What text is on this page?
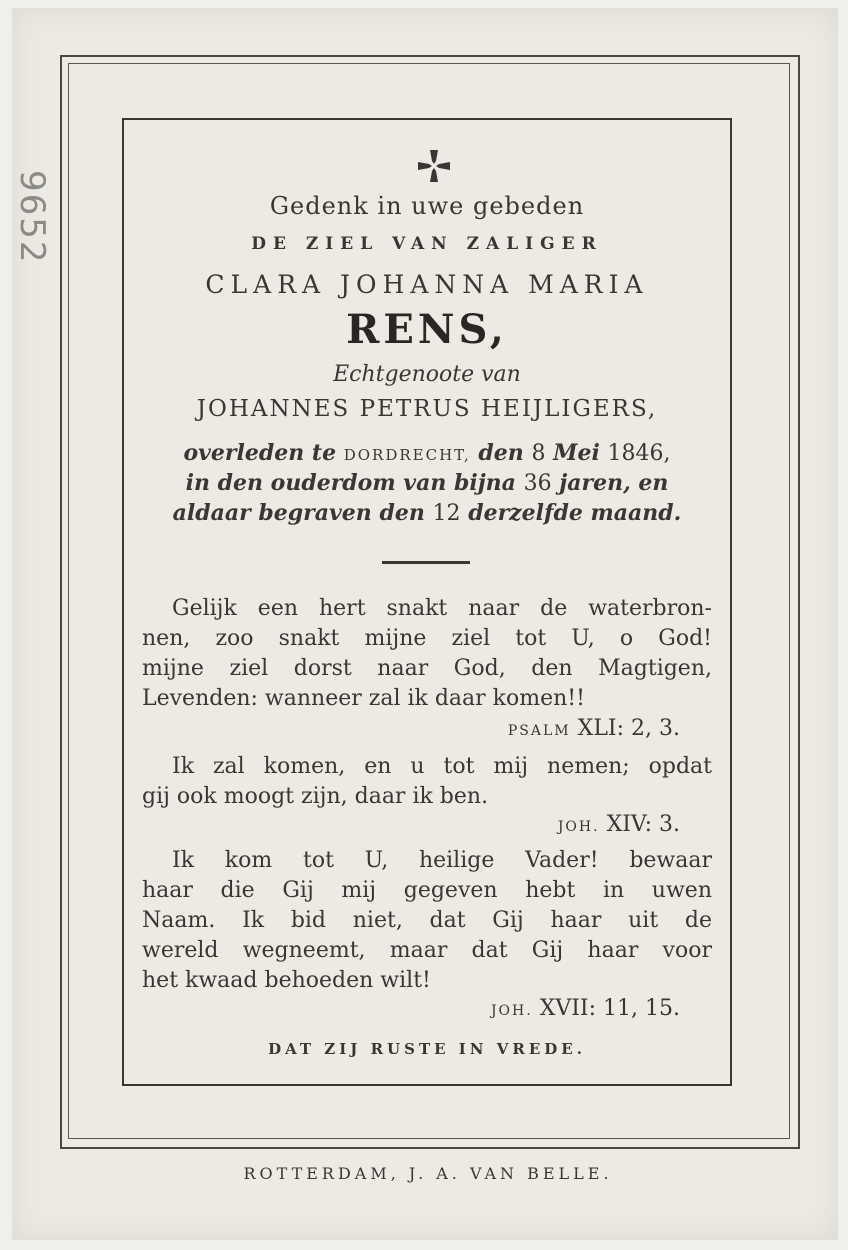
9652	Gedenk in uwe gebeden
DE ZIEL VAN ZALIGER
CLARA JOHANNA MARIA
RENS,
Echtgenoote van
JOHANNES PETRUS HEIJLIGERS,
overleden te DORDRECHT, den 8 Mei 1846,
in den ouderdom van bijna 36 jaren, en
aldaar begraven den 12 derzelfde maand.
Gelijk een hert snakt naar de waterbron-
nen, zoo snakt mijne ziel tot U, o God!
mijne ziel dorst naar God, den Magtigen,
Levenden: wanneer zal ik daar komen!!
PSALM XLI: 2, 3.
Ik zal komen, en u tot mij nemen; opdat
gij ook moogt zijn, daar ik ben.
JOH. XIV: 3.
Ik kom tot U, heilige Vader! bewaar
haar die Gij mij gegeven hebt in uwen
Naam. Ik bid niet, dat Gij haar uit de
wereld wegneemt, maar dat Gij haar voor
het kwaad behoeden wilt!
JOH. XVII: 11, 15.
DAT ZIJ RUSTE IN VREDE.
ROTTERDAM, J. A. VAN BELLE.
